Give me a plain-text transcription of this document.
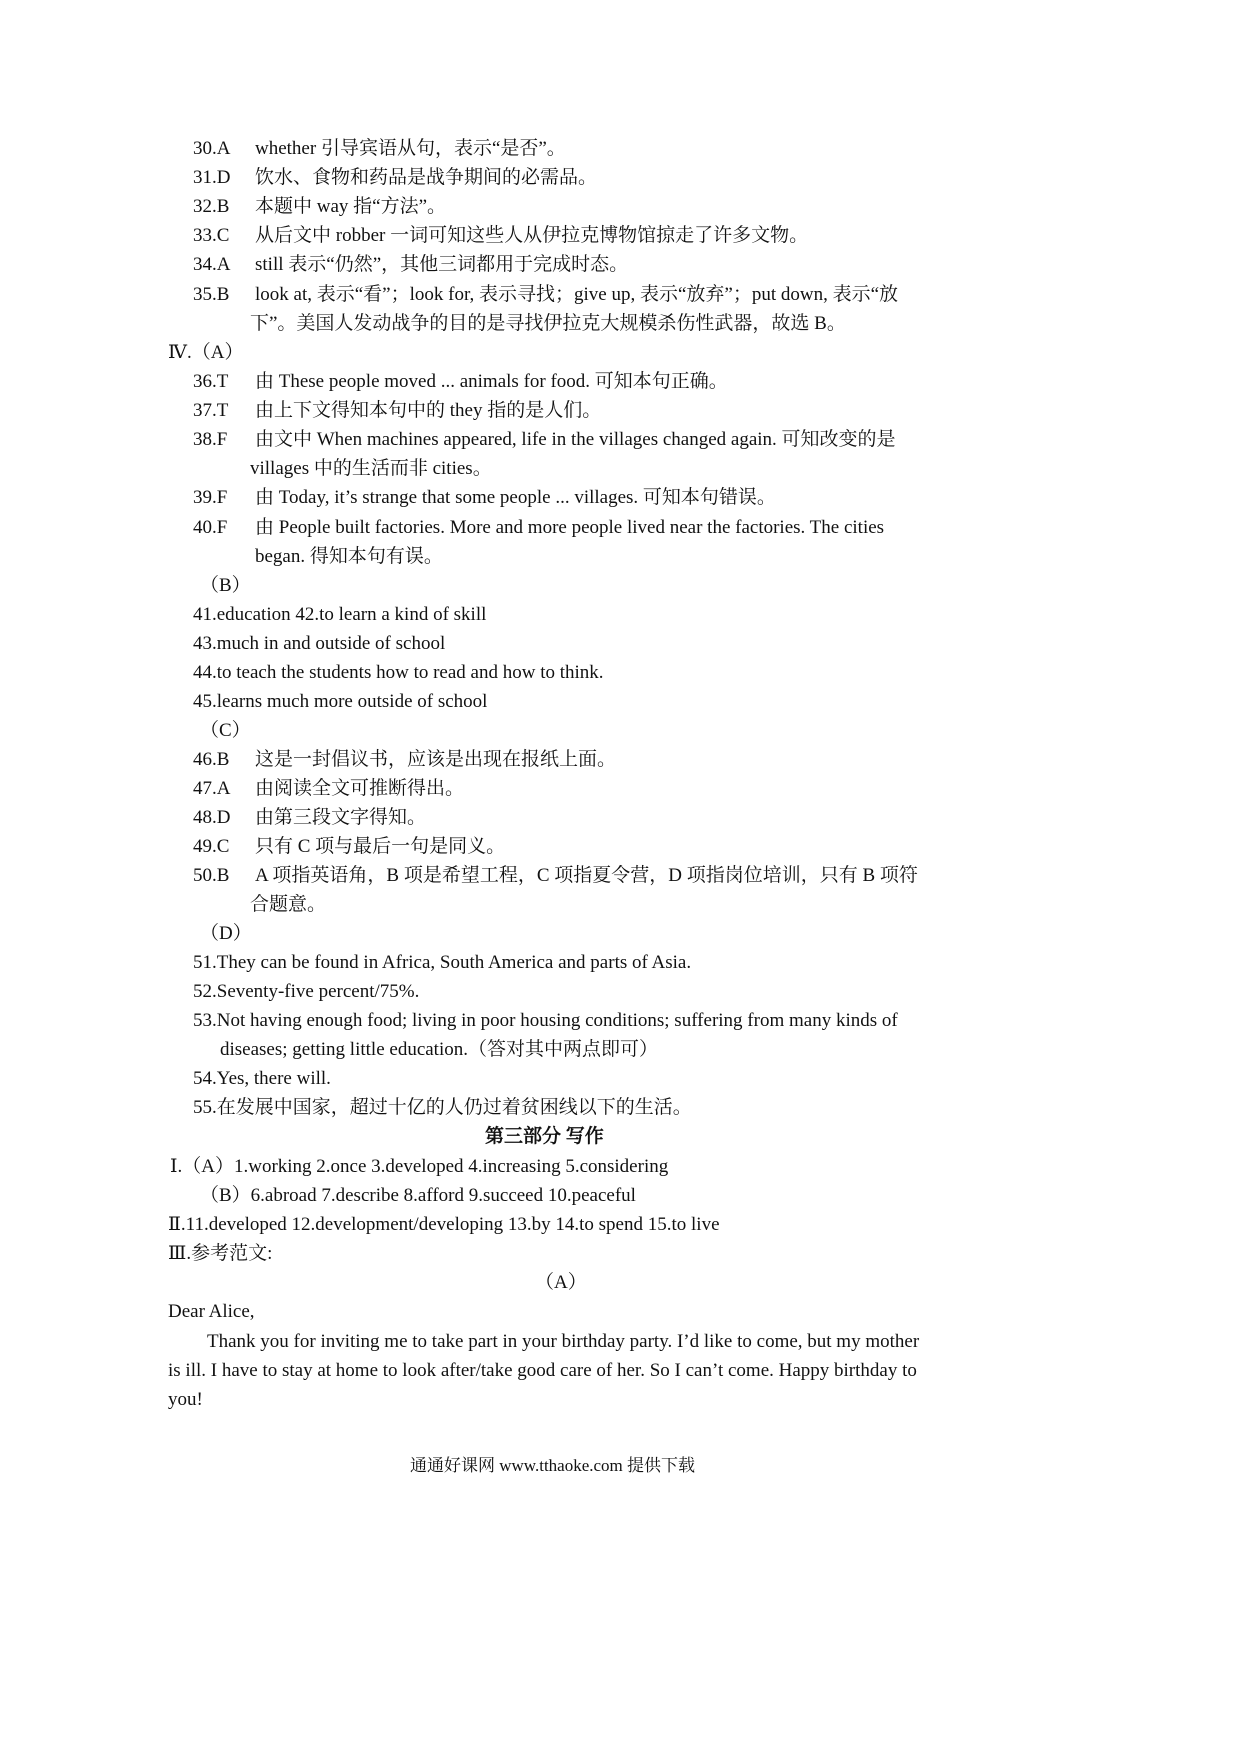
30.A whether 引导宾语从句，表示“是否”。
31.D 饮水、食物和药品是战争期间的必需品。
32.B 本题中 way 指“方法”。
33.C 从后文中 robber 一词可知这些人从伊拉克博物馆掠走了许多文物。
34.A still 表示“仍然”，其他三词都用于完成时态。
35.B look at, 表示“看”；look for, 表示寻找；give up, 表示“放弃”；put down, 表示“放
下”。美国人发动战争的目的是寻找伊拉克大规模杀伤性武器，故选 B。
Ⅳ.（A）
36.T 由 These people moved ... animals for food. 可知本句正确。
37.T 由上下文得知本句中的 they 指的是人们。
38.F 由文中 When machines appeared, life in the villages changed again. 可知改变的是
villages 中的生活而非 cities。
39.F 由 Today, it’s strange that some people ... villages. 可知本句错误。
40.F 由 People built factories. More and more people lived near the factories. The cities
began. 得知本句有误。
（B）
41.education 42.to learn a kind of skill
43.much in and outside of school
44.to teach the students how to read and how to think.
45.learns much more outside of school
（C）
46.B 这是一封倡议书，应该是出现在报纸上面。
47.A 由阅读全文可推断得出。
48.D 由第三段文字得知。
49.C 只有 C 项与最后一句是同义。
50.B A 项指英语角，B 项是希望工程，C 项指夏令营，D 项指岗位培训，只有 B 项符
合题意。
（D）
51.They can be found in Africa, South America and parts of Asia.
52.Seventy-five percent/75%.
53.Not having enough food; living in poor housing conditions; suffering from many kinds of
diseases; getting little education.（答对其中两点即可）
54.Yes, there will.
55.在发展中国家，超过十亿的人仍过着贫困线以下的生活。
第三部分 写作
Ⅰ.（A）1.working 2.once 3.developed 4.increasing 5.considering
（B）6.abroad 7.describe 8.afford 9.succeed 10.peaceful
Ⅱ.11.developed 12.development/developing 13.by 14.to spend 15.to live
Ⅲ.参考范文:
（A）
Dear Alice,
Thank you for inviting me to take part in your birthday party. I’d like to come, but my mother
is ill. I have to stay at home to look after/take good care of her. So I can’t come. Happy birthday to
you!
通通好课网 www.tthaoke.com 提供下载
